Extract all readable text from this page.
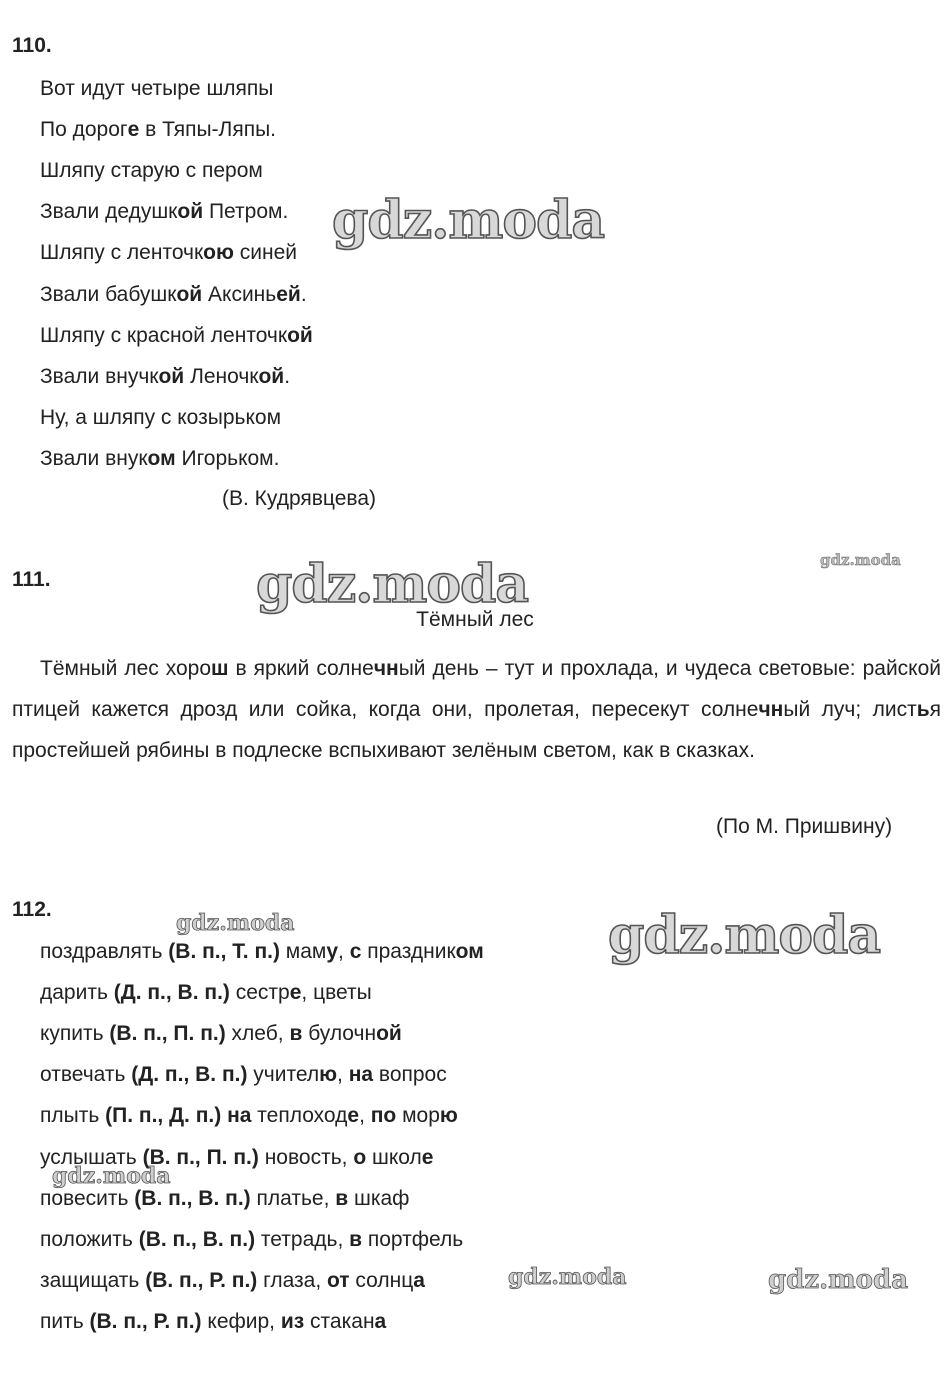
110.
Вот идут четыре шляпы
По дороге в Тяпы-Ляпы.
Шляпу старую с пером
Звали дедушкой Петром.
Шляпу с ленточкою синей
Звали бабушкой Аксиньей.
Шляпу с красной ленточкой
Звали внучкой Леночкой.
Ну, а шляпу с козырьком
Звали внуком Игорьком.
(В. Кудрявцева)
111.
Тёмный лес

Тёмный лес хорош в яркий солнечный день – тут и прохлада, и чудеса световые: райской птицей кажется дрозд или сойка, когда они, пролетая, пересекут солнечный луч; листья простейшей рябины в подлеске вспыхивают зелёным светом, как в сказках.

(По М. Пришвину)
112.
поздравлять (В. п., Т. п.) маму, с праздником
дарить (Д. п., В. п.) сестре, цветы
купить (В. п., П. п.) хлеб, в булочной
отвечать (Д. п., В. п.) учителю, на вопрос
плыть (П. п., Д. п.) на теплоходе, по морю
услышать (В. п., П. п.) новость, о школе
повесить (В. п., В. п.) платье, в шкаф
положить (В. п., В. п.) тетрадь, в портфель
защищать (В. п., Р. п.) глаза, от солнца
пить (В. п., Р. п.) кефир, из стакана
gdz.moda
gdz.moda	gdz.moda
gdz.moda	gdz.moda
gdz.moda
gdz.moda	gdz.moda
